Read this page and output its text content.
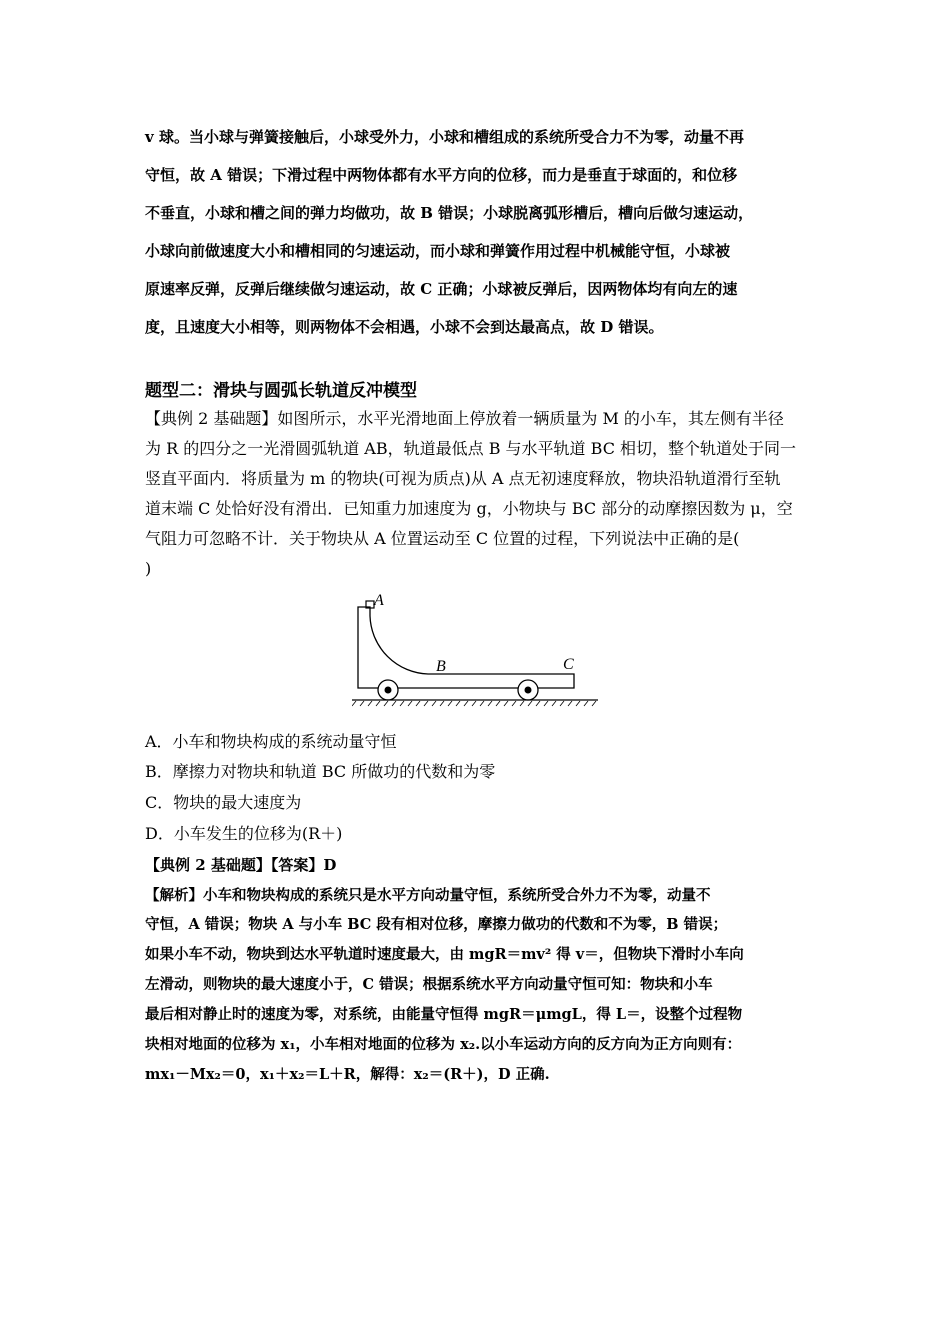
v 球。当小球与弹簧接触后，小球受外力，小球和槽组成的系统所受合力不为零，动量不再
守恒，故 A 错误；下滑过程中两物体都有水平方向的位移，而力是垂直于球面的，和位移
不垂直，小球和槽之间的弹力均做功，故 B 错误；小球脱离弧形槽后，槽向后做匀速运动，
小球向前做速度大小和槽相同的匀速运动，而小球和弹簧作用过程中机械能守恒，小球被
原速率反弹，反弹后继续做匀速运动，故 C 正确；小球被反弹后，因两物体均有向左的速
度，且速度大小相等，则两物体不会相遇，小球不会到达最高点，故 D 错误。
题型二：滑块与圆弧长轨道反冲模型
【典例 2 基础题】如图所示，水平光滑地面上停放着一辆质量为 M 的小车，其左侧有半径
为 R 的四分之一光滑圆弧轨道 AB，轨道最低点 B 与水平轨道 BC 相切，整个轨道处于同一
竖直平面内．将质量为 m 的物块(可视为质点)从 A 点无初速度释放，物块沿轨道滑行至轨
道末端 C 处恰好没有滑出．已知重力加速度为 g，小物块与 BC 部分的动摩擦因数为 μ，空
气阻力可忽略不计．关于物块从 A 位置运动至 C 位置的过程，下列说法中正确的是(
)
A
B	C
A．小车和物块构成的系统动量守恒
B．摩擦力对物块和轨道 BC 所做功的代数和为零
C．物块的最大速度为
D．小车发生的位移为(R＋)
【典例 2 基础题】【答案】D
【解析】小车和物块构成的系统只是水平方向动量守恒，系统所受合外力不为零，动量不
守恒，A 错误；物块 A 与小车 BC 段有相对位移，摩擦力做功的代数和不为零，B 错误；
如果小车不动，物块到达水平轨道时速度最大，由 mgR＝mv² 得 v＝，但物块下滑时小车向
左滑动，则物块的最大速度小于，C 错误；根据系统水平方向动量守恒可知：物块和小车
最后相对静止时的速度为零，对系统，由能量守恒得 mgR＝μmgL，得 L＝，设整个过程物
块相对地面的位移为 x₁，小车相对地面的位移为 x₂.以小车运动方向的反方向为正方向则有：
mx₁－Mx₂＝0，x₁＋x₂＝L＋R，解得：x₂＝(R＋)，D 正确.
